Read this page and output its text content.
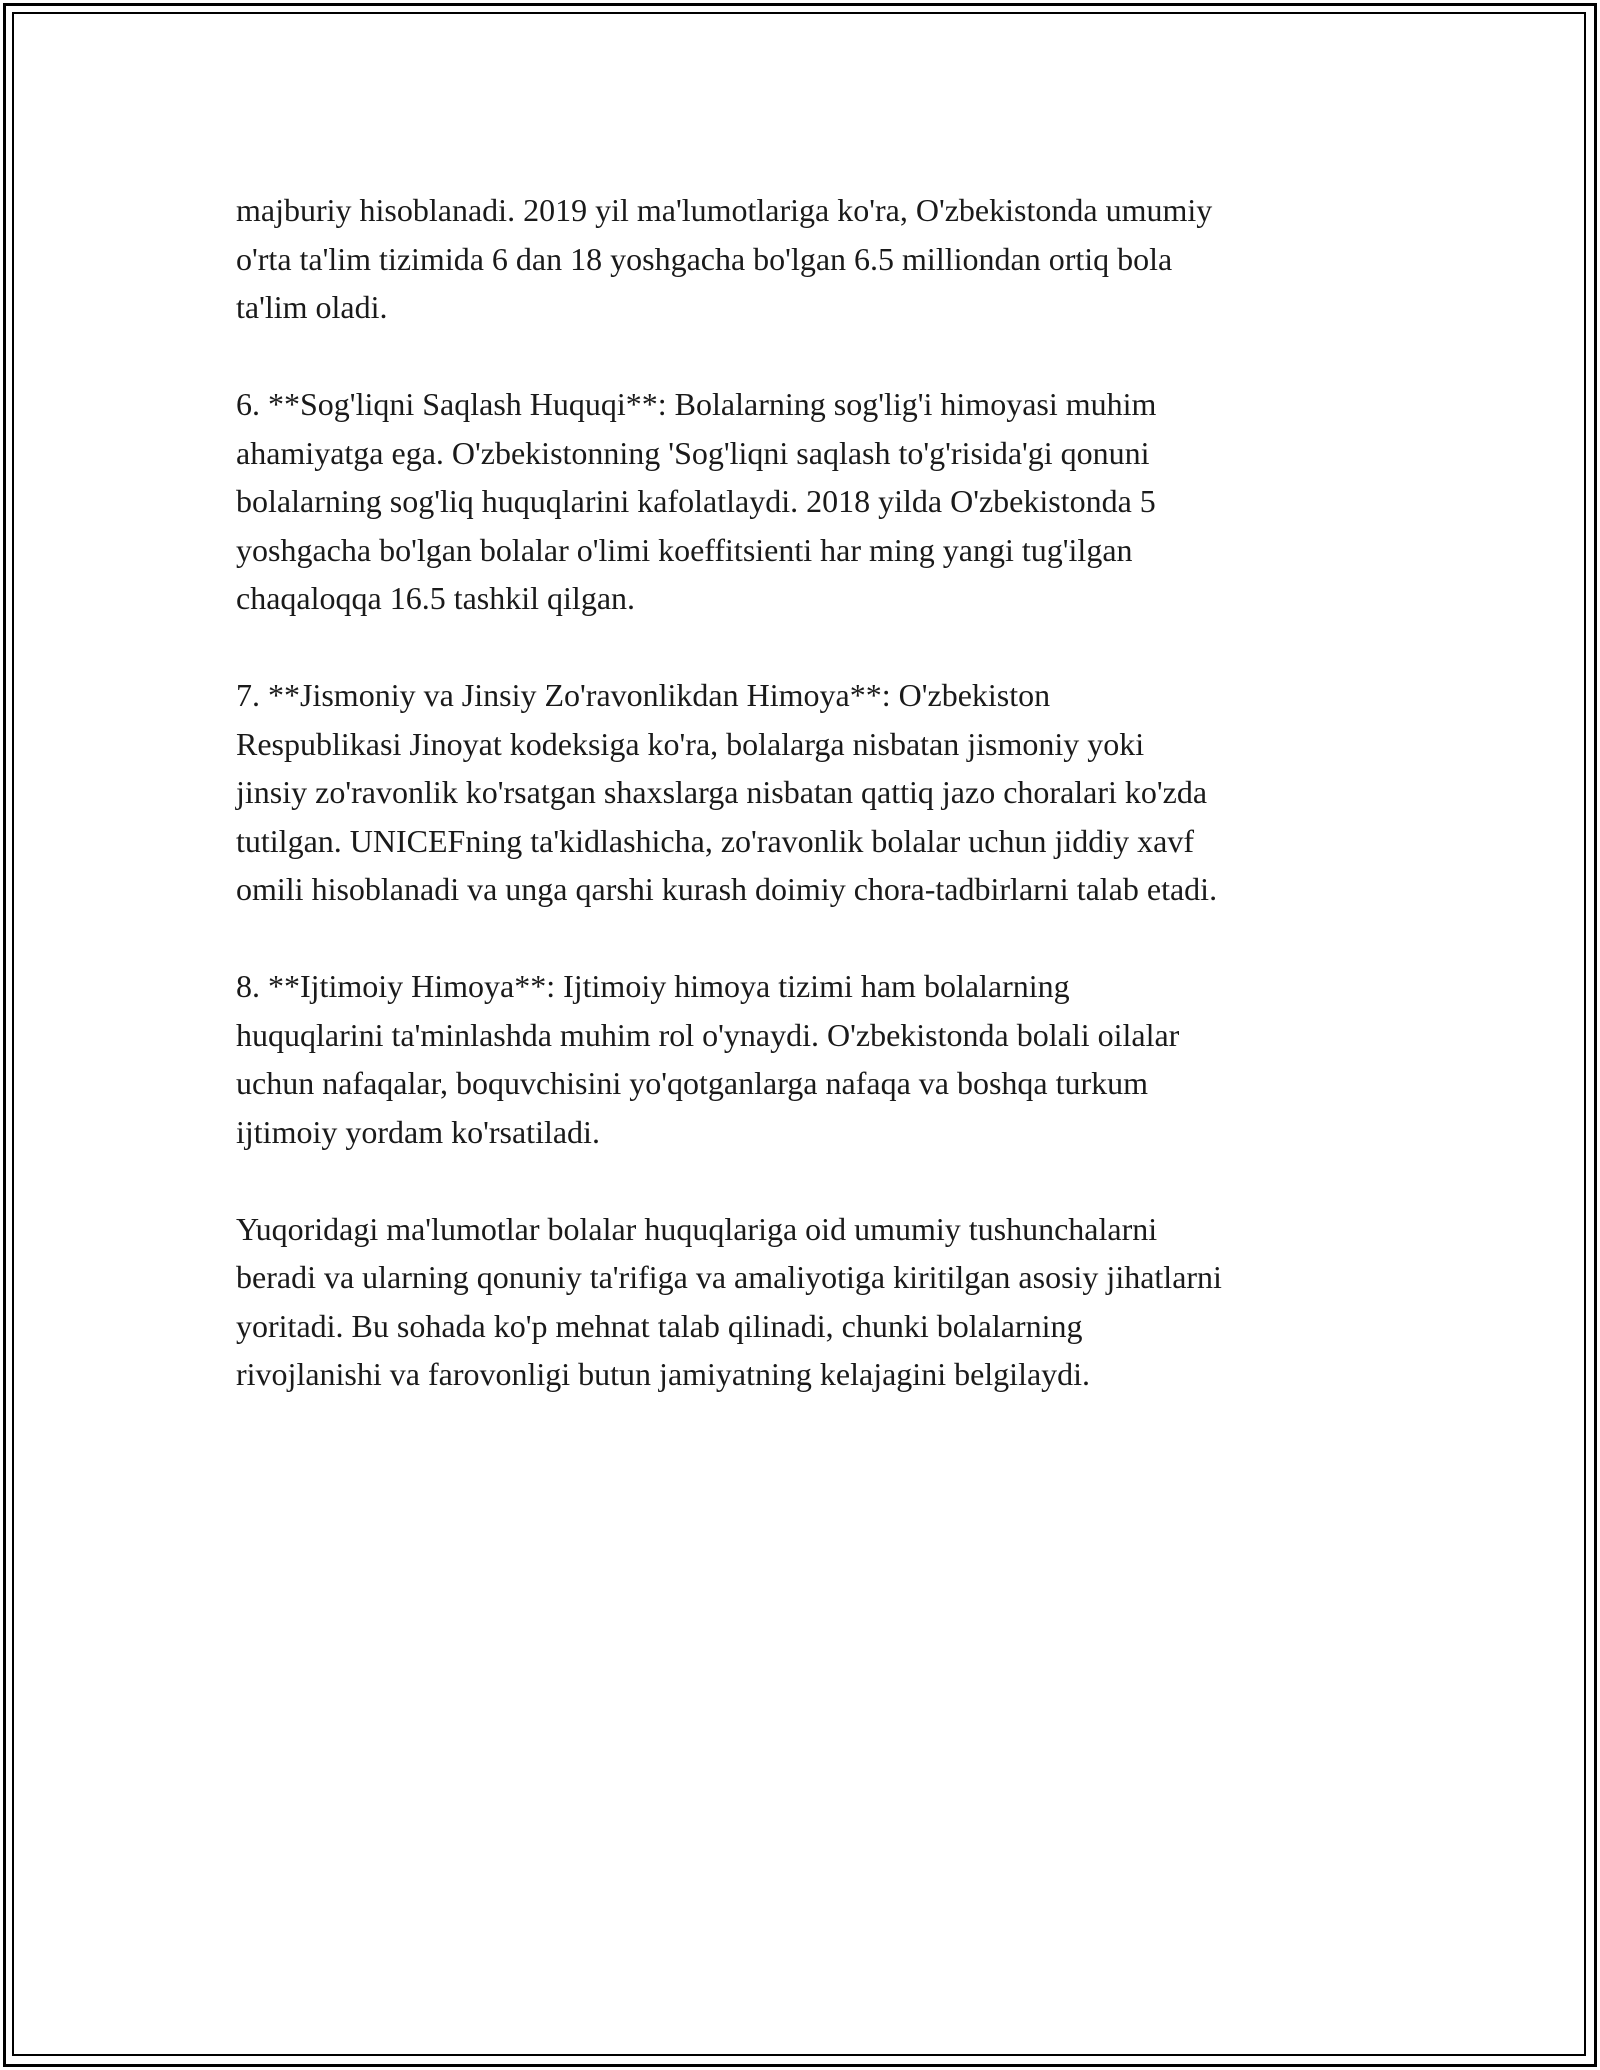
majburiy hisoblanadi. 2019 yil ma'lumotlariga ko'ra, O'zbekistonda umumiy
o'rta ta'lim tizimida 6 dan 18 yoshgacha bo'lgan 6.5 milliondan ortiq bola
ta'lim oladi.

6. **Sog'liqni Saqlash Huquqi**: Bolalarning sog'lig'i himoyasi muhim
ahamiyatga ega. O'zbekistonning 'Sog'liqni saqlash to'g'risida'gi qonuni
bolalarning sog'liq huquqlarini kafolatlaydi. 2018 yilda O'zbekistonda 5
yoshgacha bo'lgan bolalar o'limi koeffitsienti har ming yangi tug'ilgan
chaqaloqqa 16.5 tashkil qilgan.

7. **Jismoniy va Jinsiy Zo'ravonlikdan Himoya**: O'zbekiston
Respublikasi Jinoyat kodeksiga ko'ra, bolalarga nisbatan jismoniy yoki
jinsiy zo'ravonlik ko'rsatgan shaxslarga nisbatan qattiq jazo choralari ko'zda
tutilgan. UNICEFning ta'kidlashicha, zo'ravonlik bolalar uchun jiddiy xavf
omili hisoblanadi va unga qarshi kurash doimiy chora-tadbirlarni talab etadi.

8. **Ijtimoiy Himoya**: Ijtimoiy himoya tizimi ham bolalarning
huquqlarini ta'minlashda muhim rol o'ynaydi. O'zbekistonda bolali oilalar
uchun nafaqalar, boquvchisini yo'qotganlarga nafaqa va boshqa turkum
ijtimoiy yordam ko'rsatiladi.

Yuqoridagi ma'lumotlar bolalar huquqlariga oid umumiy tushunchalarni
beradi va ularning qonuniy ta'rifiga va amaliyotiga kiritilgan asosiy jihatlarni
yoritadi. Bu sohada ko'p mehnat talab qilinadi, chunki bolalarning
rivojlanishi va farovonligi butun jamiyatning kelajagini belgilaydi.
